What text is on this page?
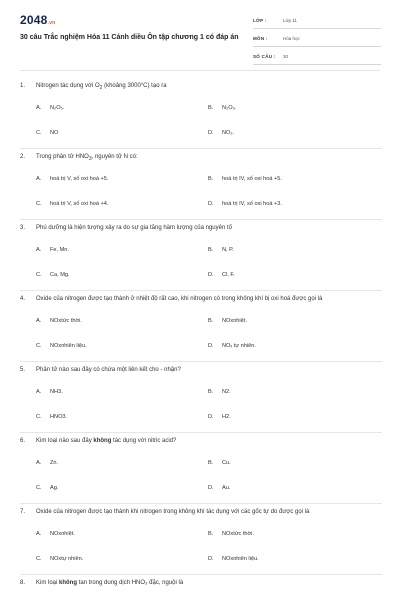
2048.vn
30 câu Trắc nghiệm Hóa 11 Cánh diều Ôn tập chương 1 có đáp án
LỚP :	Lớp 11
MÔN :	Hóa học
SỐ CÂU : 30
1. Nitrogen tác dụng với $O_2$ (khoảng 3000°C) tạo ra
A. N₂O₅.	B. N₂O₃.
C. NO	D. NO₂.
2. Trong phân tử $HNO_3$, nguyên tử N có:
A. hoá trị V, số oxi hoá +5.	B. hoá trị IV, số oxi hoá +5.
C. hoá trị V, số oxi hoá +4.	D. hoá trị IV, số oxi hoá +3.
3. Phú dưỡng là hiện tượng xảy ra do sự gia tăng hàm lượng của nguyên tố
A. Fe, Mn.	B. N, P.
C. Ca, Mg.	D. Cl, F.
4. Oxide của nitrogen được tạo thành ở nhiệt độ rất cao, khi nitrogen có trong không khí bị oxi hoá được gọi là
A. NOxtức thời.	B. NOxnhiệt.
C. NOxnhiên liệu.	D. NOₓ tự nhiên.
5. Phân tử nào sau đây có chứa một liên kết cho - nhận?
A. NH3.	B. N2.
C. HNO3.	D. H2.
6. Kim loại nào sau đây không tác dụng với nitric acid?
A. Zn.	B. Cu.
C. Ag.	D. Au.
7. Oxide của nitrogen được tạo thành khi nitrogen trong không khí tác dụng với các gốc tự do được gọi là
A. NOxnhiệt.	B. NOxtức thời.
C. NOxtự nhiên.	D. NOxnhiên liệu.
8. Kim loại không tan trong dung dịch HNO₃ đặc, nguội là
